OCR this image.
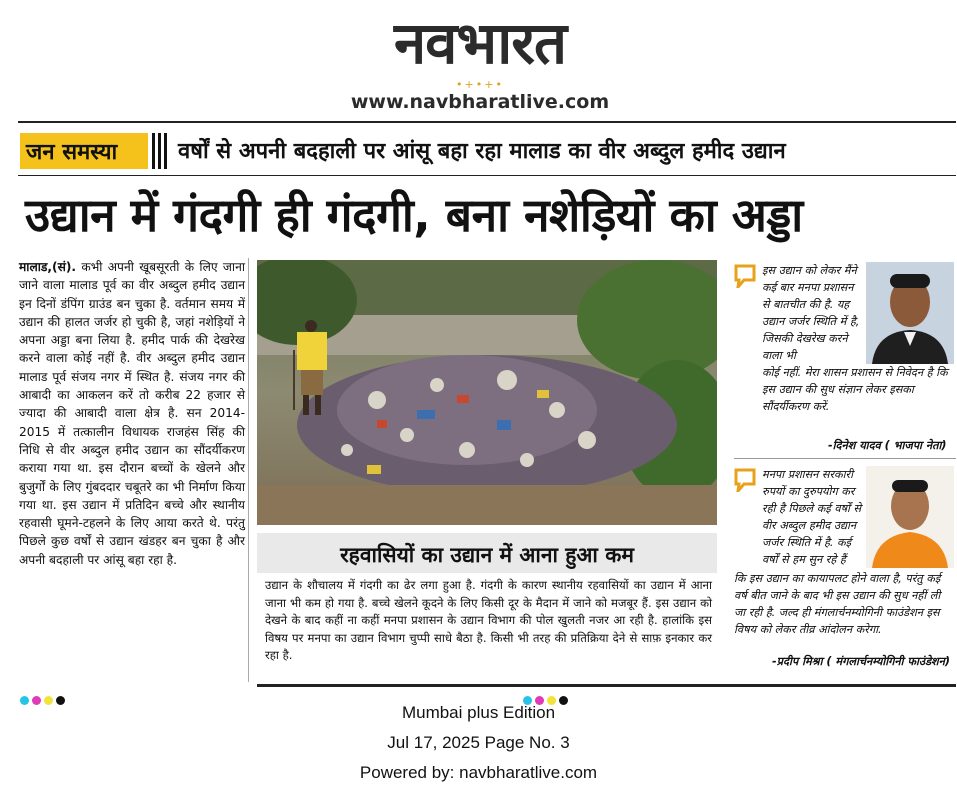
नवभारत
•+•+•
www.navbharatlive.com
जन समस्या	वर्षों से अपनी बदहाली पर आंसू बहा रहा मालाड का वीर अब्दुल हमीद उद्यान
उद्यान में गंदगी ही गंदगी, बना नशेड़ियों का अड्डा
मालाड,(सं). कभी अपनी खूबसूरती के लिए जाना जाने वाला मालाड पूर्व का वीर अब्दुल हमीद उद्यान इन दिनों डंपिंग ग्राउंड बन चुका है. वर्तमान समय में उद्यान की हालत जर्जर हो चुकी है, जहां नशेड़ियों ने अपना अड्डा बना लिया है. हमीद पार्क की देखरेख करने वाला कोई नहीं है. वीर अब्दुल हमीद उद्यान मालाड पूर्व संजय नगर में स्थित है. संजय नगर की आबादी का आकलन करें तो करीब 22 हजार से ज्यादा की आबादी वाला क्षेत्र है. सन 2014-2015 में तत्कालीन विधायक राजहंस सिंह की निधि से वीर अब्दुल हमीद उद्यान का सौंदर्यीकरण कराया गया था. इस दौरान बच्चों के खेलने और बुजुर्गों के लिए गुंबददार चबूतरे का भी निर्माण किया गया था. इस उद्यान में प्रतिदिन बच्चे और स्थानीय रहवासी घूमने-टहलने के लिए आया करते थे. परंतु पिछले कुछ वर्षों से उद्यान खंडहर बन चुका है और अपनी बदहाली पर आंसू बहा रहा है.	रहवासियों का उद्यान में आना हुआ कम
उद्यान के शौचालय में गंदगी का ढेर लगा हुआ है. गंदगी के कारण स्थानीय रहवासियों का उद्यान में आना जाना भी कम हो गया है. बच्चे खेलने कूदने के लिए किसी दूर के मैदान में जाने को मजबूर हैं. इस उद्यान को देखने के बाद कहीं ना कहीं मनपा प्रशासन के उद्यान विभाग की पोल खुलती नजर आ रही है. हालांकि इस विषय पर मनपा का उद्यान विभाग चुप्पी साधे बैठा है. किसी भी तरह की प्रतिक्रिया देने से साफ़ इनकार कर रहा है.
इस उद्यान को लेकर मैंने कई बार मनपा प्रशासन से बातचीत की है. यह उद्यान जर्जर स्थिति में है, जिसकी देखरेख करने वाला भी
कोई नहीं. मेरा शासन प्रशासन से निवेदन है कि इस उद्यान की सुध संज्ञान लेकर इसका सौंदर्यीकरण करें.
-दिनेश यादव ( भाजपा नेता)
मनपा प्रशासन सरकारी रुपयों का दुरुपयोग कर रही है पिछले कई वर्षों से वीर अब्दुल हमीद उद्यान जर्जर स्थिति में है. कई वर्षों से हम सुन रहे हैं
कि इस उद्यान का कायापलट होने वाला है, परंतु कई वर्ष बीत जाने के बाद भी इस उद्यान की सुध नहीं ली जा रही है. जल्द ही मंगलार्चनम्योगिनी फाउंडेशन इस विषय को लेकर तीव्र आंदोलन करेगा.
-प्रदीप मिश्रा ( मंगलार्चनम्योगिनी फाउंडेशन)
Mumbai plus Edition
Jul 17, 2025 Page No. 3
Powered by: navbharatlive.com
